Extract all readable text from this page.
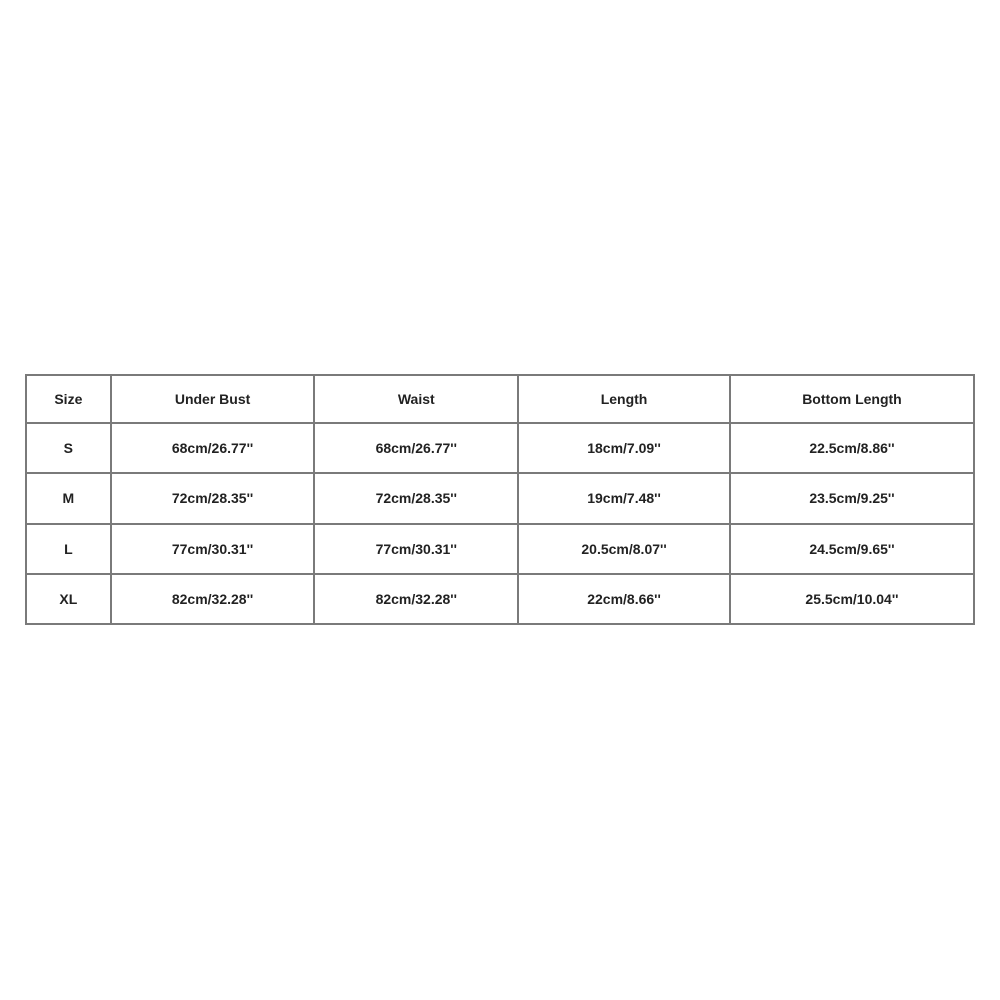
Size	Under Bust	Waist	Length	Bottom Length
S	68cm/26.77''	68cm/26.77''	18cm/7.09''	22.5cm/8.86''
M	72cm/28.35''	72cm/28.35''	19cm/7.48''	23.5cm/9.25''
L	77cm/30.31''	77cm/30.31''	20.5cm/8.07''	24.5cm/9.65''
XL	82cm/32.28''	82cm/32.28''	22cm/8.66''	25.5cm/10.04''
